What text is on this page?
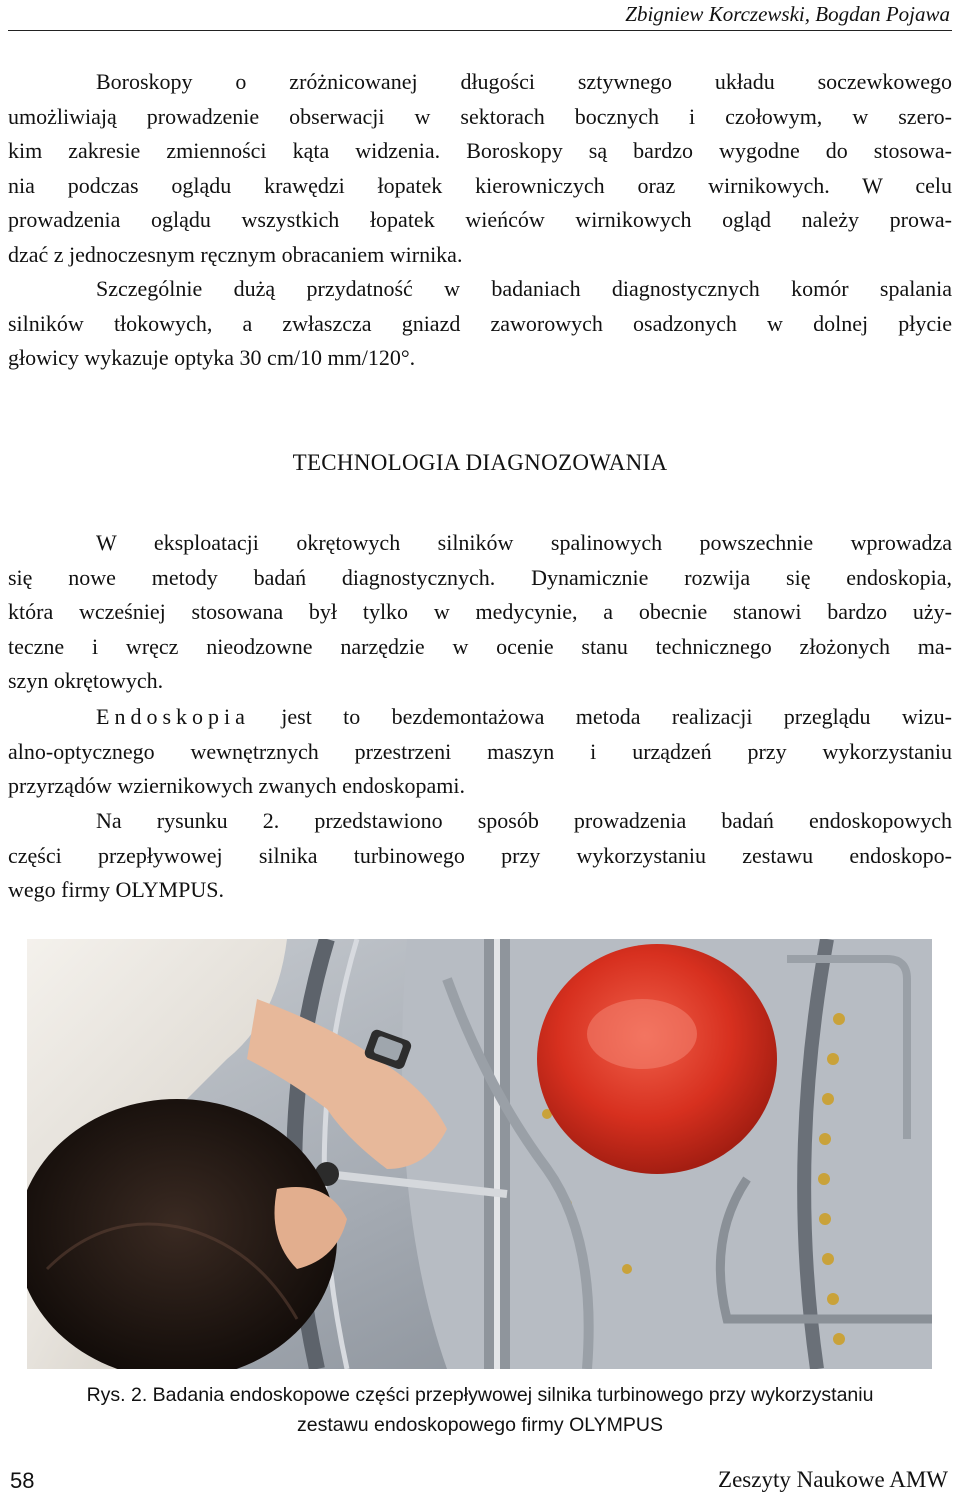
Zbigniew Korczewski, Bogdan Pojawa
Boroskopy o zróżnicowanej długości sztywnego układu soczewkowego
umożliwiają prowadzenie obserwacji w sektorach bocznych i czołowym, w szero-
kim zakresie zmienności kąta widzenia. Boroskopy są bardzo wygodne do stosowa-
nia podczas oglądu krawędzi łopatek kierowniczych oraz wirnikowych. W celu
prowadzenia oglądu wszystkich łopatek wieńców wirnikowych ogląd należy prowa-
dzać z jednoczesnym ręcznym obracaniem wirnika.
Szczególnie dużą przydatność w badaniach diagnostycznych komór spalania
silników tłokowych, a zwłaszcza gniazd zaworowych osadzonych w dolnej płycie
głowicy wykazuje optyka 30 cm/10 mm/120°.
TECHNOLOGIA DIAGNOZOWANIA
W eksploatacji okrętowych silników spalinowych powszechnie wprowadza
się nowe metody badań diagnostycznych. Dynamicznie rozwija się endoskopia,
która wcześniej stosowana był tylko w medycynie, a obecnie stanowi bardzo uży-
teczne i wręcz nieodzowne narzędzie w ocenie stanu technicznego złożonych ma-
szyn okrętowych.
Endoskopia jest to bezdemontażowa metoda realizacji przeglądu wizu-
alno-optycznego wewnętrznych przestrzeni maszyn i urządzeń przy wykorzystaniu
przyrządów wziernikowych zwanych endoskopami.
Na rysunku 2. przedstawiono sposób prowadzenia badań endoskopowych
części przepływowej silnika turbinowego przy wykorzystaniu zestawu endoskopo-
wego firmy OLYMPUS.
Rys. 2. Badania endoskopowe części przepływowej silnika turbinowego przy wykorzystaniu
zestawu endoskopowego firmy OLYMPUS
58	Zeszyty Naukowe AMW
